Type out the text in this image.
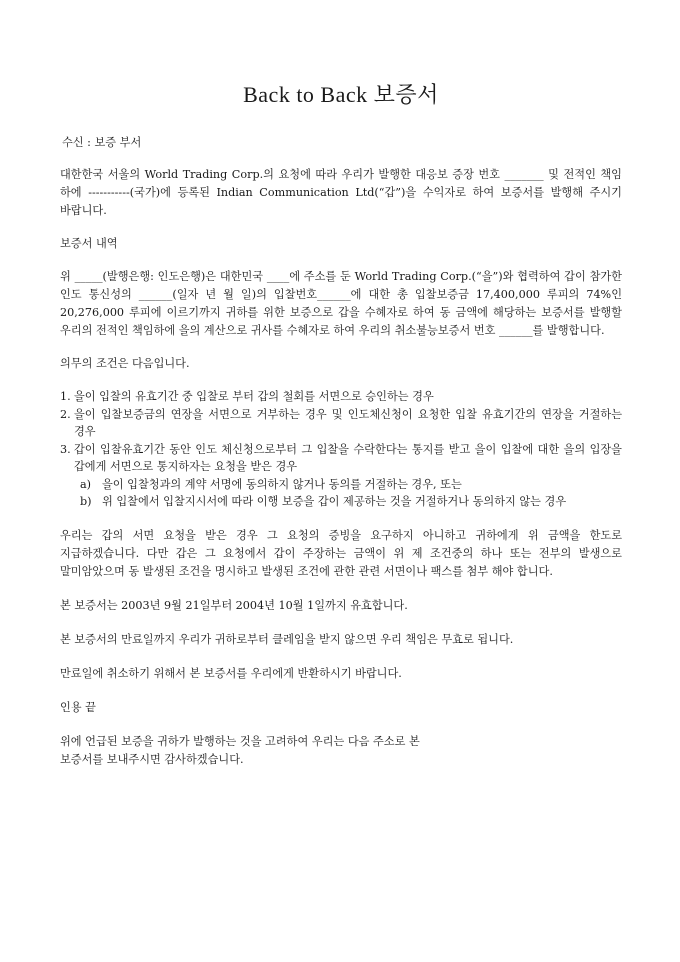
Back to Back 보증서
수신 : 보증 부서
대한한국 서울의 World Trading Corp.의 요청에 따라 우리가 발행한 대응보 증장 번호 _______ 및 전적인 책임 하에 -----------(국가)에 등록된 Indian Communication Ltd(“갑”)을 수익자로 하여 보증서를 발행해 주시기 바랍니다.
보증서 내역
위 _____(발행은행: 인도은행)은 대한민국 ____에 주소를 둔 World Trading Corp.(“을”)와 협력하여 갑이 참가한 인도 통신성의 ______(일자 년 월 일)의 입찰번호______에 대한 총 입찰보증금 17,400,000 루피의 74%인 20,276,000 루피에 이르기까지 귀하를 위한 보증으로 갑을 수혜자로 하여 동 금액에 해당하는 보증서를 발행할 우리의 전적인 책임하에 을의 계산으로 귀사를 수혜자로 하여 우리의 취소불능보증서 번호 ______를 발행합니다.
의무의 조건은 다음입니다.
1. 을이 입찰의 유효기간 중 입찰로 부터 갑의 철회를 서면으로 승인하는 경우
2. 을이 입찰보증금의 연장을 서면으로 거부하는 경우 및 인도체신청이 요청한 입찰 유효기간의 연장을 거절하는 경우
3. 갑이 입찰유효기간 동안 인도 체신청으로부터 그 입찰을 수락한다는 통지를 받고 을이 입찰에 대한 을의 입장을 갑에게 서면으로 통지하자는 요청을 받은 경우
a) 을이 입찰청과의 계약 서명에 동의하지 않거나 동의를 거절하는 경우, 또는
b) 위 입찰에서 입찰지시서에 따라 이행 보증을 갑이 제공하는 것을 거절하거나 동의하지 않는 경우
우리는 갑의 서면 요청을 받은 경우 그 요청의 증빙을 요구하지 아니하고 귀하에게 위 금액을 한도로 지급하겠습니다. 다만 갑은 그 요청에서 갑이 주장하는 금액이 위 제 조건중의 하나 또는 전부의 발생으로 말미암았으며 동 발생된 조건을 명시하고 발생된 조건에 관한 관련 서면이나 팩스를 첨부 해야 합니다.
본 보증서는 2003년 9월 21일부터 2004년 10월 1일까지 유효합니다.
본 보증서의 만료일까지 우리가 귀하로부터 클레임을 받지 않으면 우리 책임은 무효로 됩니다.
만료일에 취소하기 위해서 본 보증서를 우리에게 반환하시기 바랍니다.
인용 끝
위에 언급된 보증을 귀하가 발행하는 것을 고려하여 우리는 다음 주소로 본
보증서를 보내주시면 감사하겠습니다.
